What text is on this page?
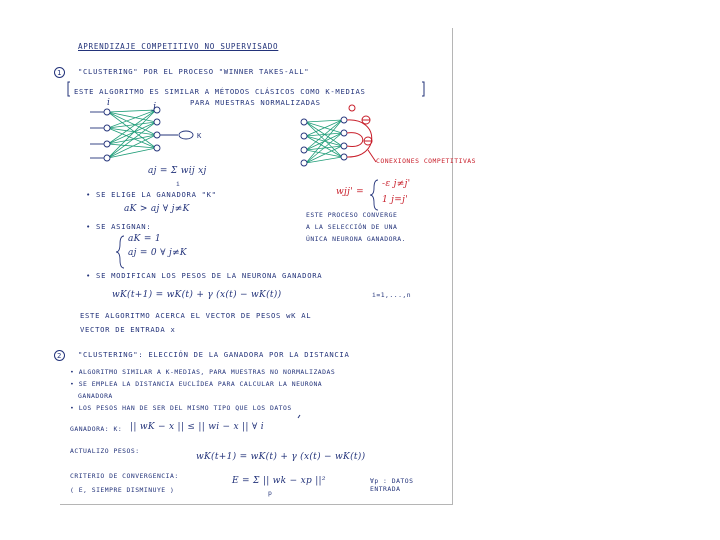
APRENDIZAJE COMPETITIVO NO SUPERVISADO
1	"CLUSTERING" POR EL PROCESO "WINNER TAKES-ALL"
ESTE ALGORITMO ES SIMILAR A MÉTODOS CLÁSICOS COMO K-MEDIAS
PARA MUESTRAS NORMALIZADAS
i	j
K
aj = Σ wij xj
i
• SE ELIGE LA GANADORA "K"
aK > aj ∀ j≠K
• SE ASIGNAN:
aK = 1
aj = 0 ∀ j≠K
CONEXIONES COMPETITIVAS
wjj' =
-ε j≠j'
1 j=j'
ESTE PROCESO CONVERGE
A LA SELECCIÓN DE UNA
ÚNICA NEURONA GANADORA.
• SE MODIFICAN LOS PESOS DE LA NEURONA GANADORA
wK(t+1) = wK(t) + γ (x(t) − wK(t))	i=1,...,n
ESTE ALGORITMO ACERCA EL VECTOR DE PESOS wK AL
VECTOR DE ENTRADA x
2	"CLUSTERING": ELECCIÓN DE LA GANADORA POR LA DISTANCIA
• ALGORITMO SIMILAR A K-MEDIAS, PARA MUESTRAS NO NORMALIZADAS
• SE EMPLEA LA DISTANCIA EUCLÍDEA PARA CALCULAR LA NEURONA
GANADORA
• LOS PESOS HAN DE SER DEL MISMO TIPO QUE LOS DATOS
GANADORA: K: || wK − x || ≤ || wi − x || ∀ i
ACTUALIZO PESOS:
wK(t+1) = wK(t) + γ (x(t) − wK(t))
CRITERIO DE CONVERGENCIA:
( E, SIEMPRE DISMINUYE )
E = Σ || wk − xp ||²
p
∀p : DATOS ENTRADA
